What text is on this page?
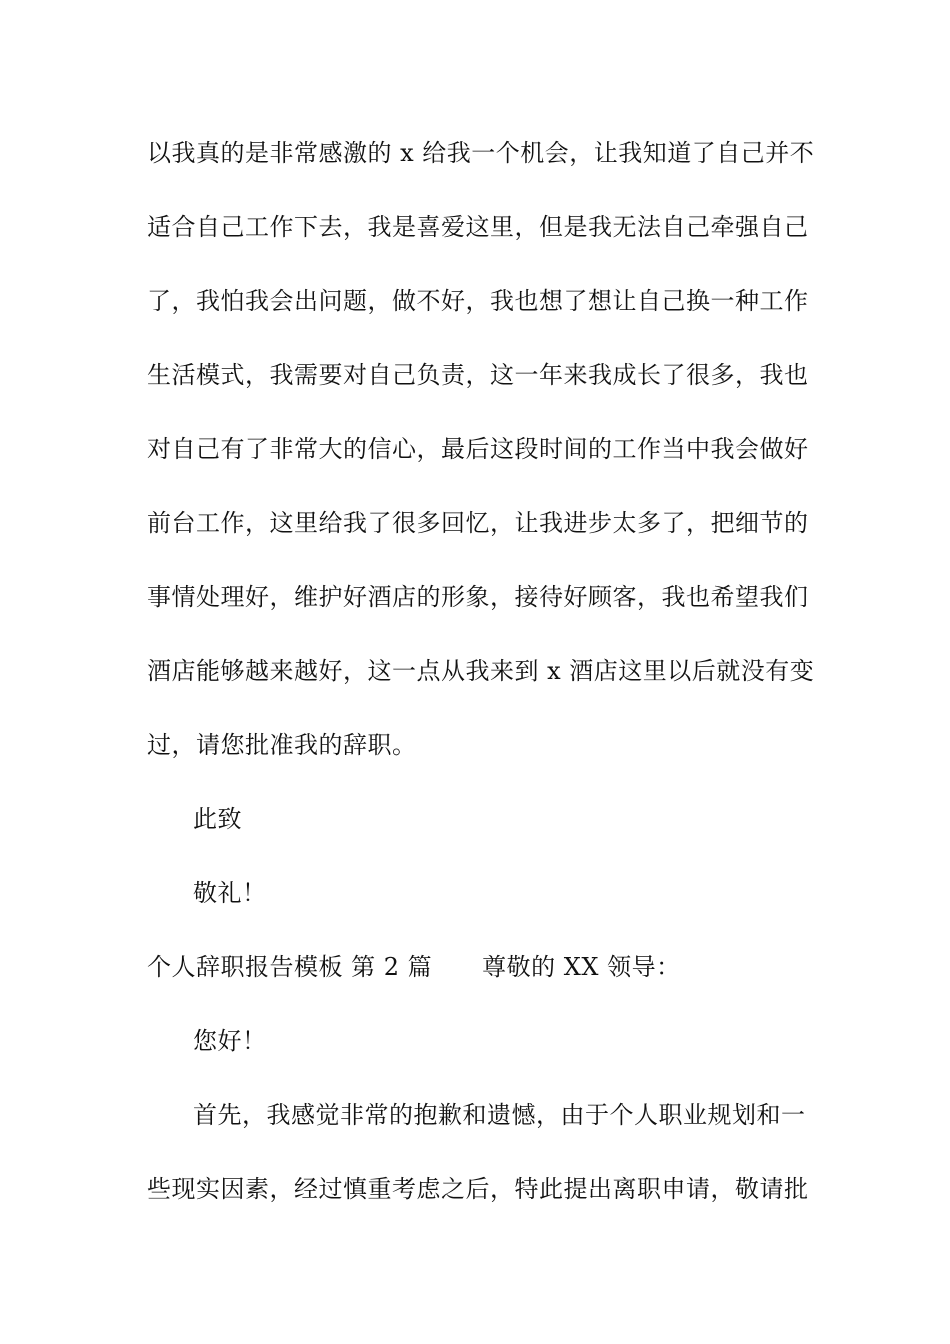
以我真的是非常感激的 x 给我一个机会，让我知道了自己并不
适合自己工作下去，我是喜爱这里，但是我无法自己牵强自己
了，我怕我会出问题，做不好，我也想了想让自己换一种工作
生活模式，我需要对自己负责，这一年来我成长了很多，我也
对自己有了非常大的信心，最后这段时间的工作当中我会做好
前台工作，这里给我了很多回忆，让我进步太多了，把细节的
事情处理好，维护好酒店的形象，接待好顾客，我也希望我们
酒店能够越来越好，这一点从我来到 x 酒店这里以后就没有变
过，请您批准我的辞职。
此致
敬礼！
个人辞职报告模板 第 2 篇 尊敬的 XX 领导：
您好！
首先，我感觉非常的抱歉和遗憾，由于个人职业规划和一
些现实因素，经过慎重考虑之后，特此提出离职申请，敬请批
